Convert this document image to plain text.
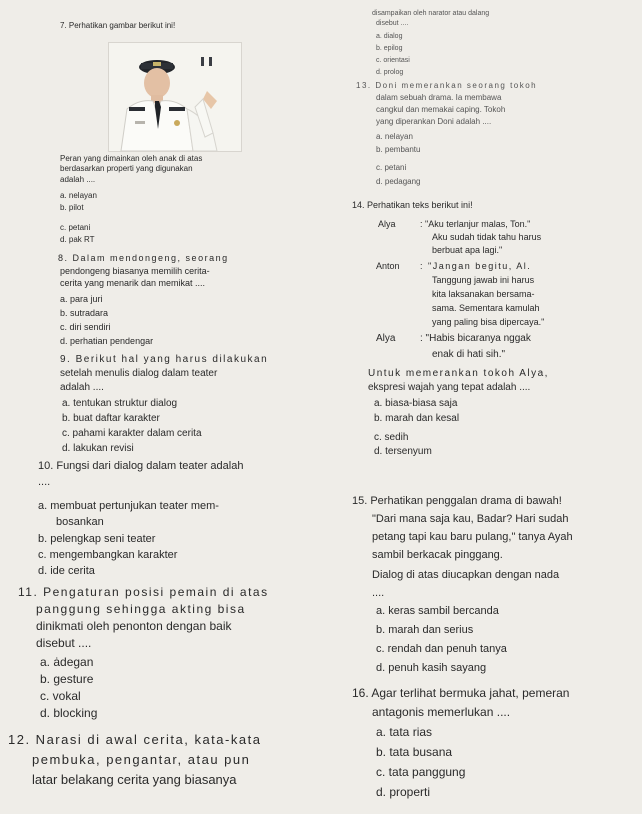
7. Perhatikan gambar berikut ini!
Peran yang dimainkan oleh anak di atas
berdasarkan properti yang digunakan
adalah ....
a. nelayan
b. pilot
c. petani
d. pak RT
8. Dalam mendongeng, seorang
pendongeng biasanya memilih cerita-
cerita yang menarik dan memikat ....
a. para juri
b. sutradara
c. diri sendiri
d. perhatian pendengar
9. Berikut hal yang harus dilakukan
setelah menulis dialog dalam teater
adalah ....
a. tentukan struktur dialog
b. buat daftar karakter
c. pahami karakter dalam cerita
d. lakukan revisi
10. Fungsi dari dialog dalam teater adalah
....
a. membuat pertunjukan teater mem-
bosankan
b. pelengkap seni teater
c. mengembangkan karakter
d. ide cerita
11. Pengaturan posisi pemain di atas
panggung sehingga akting bisa
dinikmati oleh penonton dengan baik
disebut ....
a. ȧdegan
b. gesture
c. vokal
d. blocking
12. Narasi di awal cerita, kata-kata
pembuka, pengantar, atau pun
latar belakang cerita yang biasanya
disampaikan oleh narator atau dalang
disebut ....
a. dialog
b. epilog
c. orientasi
d. prolog
13. Doni memerankan seorang tokoh
dalam sebuah drama. Ia membawa
cangkul dan memakai caping. Tokoh
yang diperankan Doni adalah ....
a. nelayan
b. pembantu
c. petani
d. pedagang
14. Perhatikan teks berikut ini!
Alya	: "Aku terlanjur malas, Ton."
Aku sudah tidak tahu harus
berbuat apa lagi."
Anton : "Jangan begitu, Al.
Tanggung jawab ini harus
kita laksanakan bersama-
sama. Sementara kamulah
yang paling bisa dipercaya."
Alya : "Habis bicaranya nggak
enak di hati sih."
Untuk memerankan tokoh Alya,
ekspresi wajah yang tepat adalah ....
a. biasa-biasa saja
b. marah dan kesal
c. sedih
d. tersenyum
15. Perhatikan penggalan drama di bawah!
"Dari mana saja kau, Badar? Hari sudah
petang tapi kau baru pulang," tanya Ayah
sambil berkacak pinggang.
Dialog di atas diucapkan dengan nada
....
a. keras sambil bercanda
b. marah dan serius
c. rendah dan penuh tanya
d. penuh kasih sayang
16. Agar terlihat bermuka jahat, pemeran
antagonis memerlukan ....
a. tata rias
b. tata busana
c. tata panggung
d. properti
